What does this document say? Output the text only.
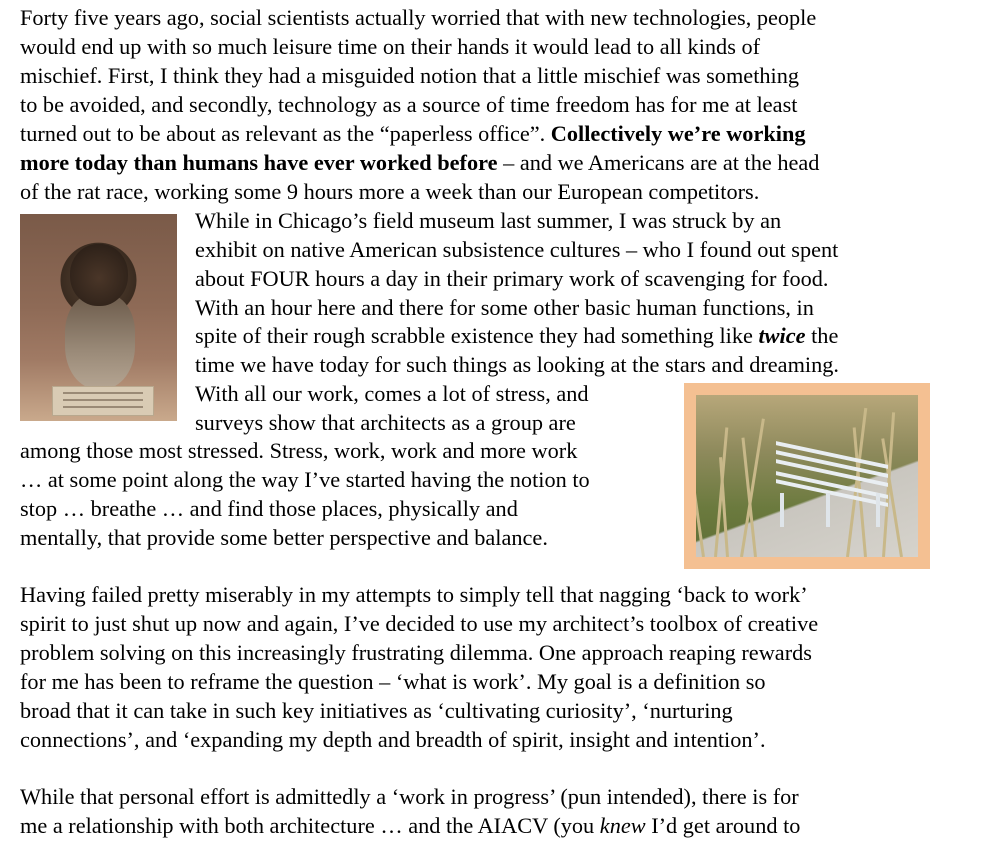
Forty five years ago, social scientists actually worried that with new technologies, people

would end up with so much leisure time on their hands it would lead to all kinds of

mischief. First, I think they had a misguided notion that a little mischief was something

to be avoided, and secondly, technology as a source of time freedom has for me at least

turned out to be about as relevant as the “paperless office”. Collectively we’re working

more today than humans have ever worked before – and we Americans are at the head

of the rat race, working some 9 hours more a week than our European competitors.

While in Chicago’s field museum last summer, I was struck by an

exhibit on native American subsistence cultures – who I found out spent

about FOUR hours a day in their primary work of scavenging for food.

With an hour here and there for some other basic human functions, in

spite of their rough scrabble existence they had something like twice the

time we have today for such things as looking at the stars and dreaming.

With all our work, comes a lot of stress, and

surveys show that architects as a group are

among those most stressed. Stress, work, work and more work

… at some point along the way I’ve started having the notion to

stop … breathe … and find those places, physically and

mentally, that provide some better perspective and balance.

Having failed pretty miserably in my attempts to simply tell that nagging ‘back to work’

spirit to just shut up now and again, I’ve decided to use my architect’s toolbox of creative

problem solving on this increasingly frustrating dilemma. One approach reaping rewards

for me has been to reframe the question – ‘what is work’. My goal is a definition so

broad that it can take in such key initiatives as ‘cultivating curiosity’, ‘nurturing

connections’, and ‘expanding my depth and breadth of spirit, insight and intention’.

While that personal effort is admittedly a ‘work in progress’ (pun intended), there is for

me a relationship with both architecture … and the AIACV (you knew I’d get around to
